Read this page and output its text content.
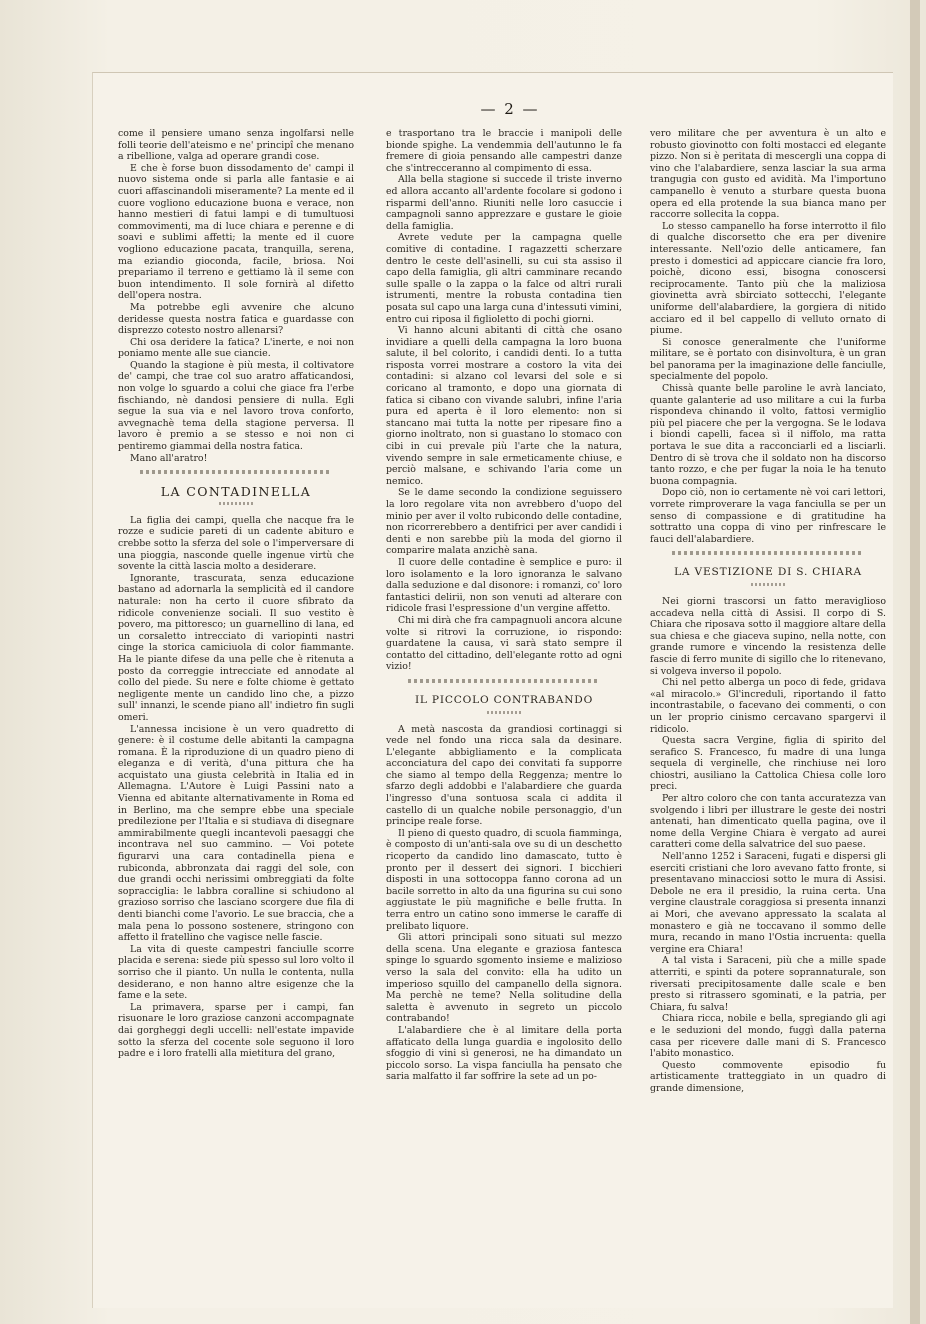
— 2 —

come il pensiere umano senza ingolfarsi nelle folli teorie dell'ateismo e ne' principî che menano a ribellione, valga ad operare grandi cose.

E che è forse buon dissodamento de' campi il nuovo sistema onde si parla alle fantasie e ai cuori affascinandoli miseramente? La mente ed il cuore vogliono educazione buona e verace, non hanno mestieri di fatui lampi e di tumultuosi commovimenti, ma di luce chiara e perenne e di soavi e sublimi affetti; la mente ed il cuore vogliono educazione pacata, tranquilla, serena, ma eziandio gioconda, facile, briosa. Noi prepariamo il terreno e gettiamo là il seme con buon intendimento. Il sole fornirà al difetto dell'opera nostra.

Ma potrebbe egli avvenire che alcuno deridesse questa nostra fatica e guardasse con disprezzo cotesto nostro allenarsi?

Chi osa deridere la fatica? L'inerte, e noi non poniamo mente alle sue ciancie.

Quando la stagione è più mesta, il coltivatore de' campi, che trae col suo aratro affaticandosi, non volge lo sguardo a colui che giace fra l'erbe fischiando, nè dandosi pensiere di nulla. Egli segue la sua via e nel lavoro trova conforto, avvegnachè tema della stagione perversa. Il lavoro è premio a se stesso e noi non ci pentiremo giammai della nostra fatica.

Mano all'aratro!

LA CONTADINELLA

La figlia dei campi, quella che nacque fra le rozze e sudicie pareti di un cadente abituro e crebbe sotto la sferza del sole o l'imperversare di una pioggia, nasconde quelle ingenue virtù che sovente la città lascia molto a desiderare.

Ignorante, trascurata, senza educazione bastano ad adornarla la semplicità ed il candore naturale: non ha certo il cuore sfibrato da ridicole convenienze sociali. Il suo vestito è povero, ma pittoresco; un guarnellino di lana, ed un corsaletto intrecciato di variopinti nastri cinge la storica camiciuola di color fiammante. Ha le piante difese da una pelle che è ritenuta a posto da correggie intrecciate ed annodate al collo del piede. Su nere e folte chiome è gettato negligente mente un candido lino che, a pizzo sull' innanzi, le scende piano all' indietro fin sugli omeri.

L'annessa incisione è un vero quadretto di genere: è il costume delle abitanti la campagna romana. È la riproduzione di un quadro pieno di eleganza e di verità, d'una pittura che ha acquistato una giusta celebrità in Italia ed in Allemagna. L'Autore è Luigi Passini nato a Vienna ed abitante alternativamente in Roma ed in Berlino, ma che sempre ebbe una speciale predilezione per l'Italia e si studiava di disegnare ammirabilmente quegli incantevoli paesaggi che incontrava nel suo cammino. — Voi potete figurarvi una cara contadinella piena e rubiconda, abbronzata dai raggi del sole, con due grandi occhi nerissimi ombreggiati da folte sopracciglia: le labbra coralline si schiudono al grazioso sorriso che lasciano scorgere due fila di denti bianchi come l'avorio. Le sue braccia, che a mala pena lo possono sostenere, stringono con affetto il fratellino che vagisce nelle fascie.

La vita di queste campestri fanciulle scorre placida e serena: siede più spesso sul loro volto il sorriso che il pianto. Un nulla le contenta, nulla desiderano, e non hanno altre esigenze che la fame e la sete.

La primavera, sparse per i campi, fan risuonare le loro graziose canzoni accompagnate dai gorgheggi degli uccelli: nell'estate impavide sotto la sferza del cocente sole seguono il loro padre e i loro fratelli alla mietitura del grano,

e trasportano tra le braccie i manipoli delle bionde spighe. La vendemmia dell'autunno le fa fremere di gioia pensando alle campestri danze che s'intrecceranno al compimento di essa.

Alla bella stagione si succede il triste inverno ed allora accanto all'ardente focolare si godono i risparmi dell'anno. Riuniti nelle loro casuccie i campagnoli sanno apprezzare e gustare le gioie della famiglia.

Avrete vedute per la campagna quelle comitive di contadine. I ragazzetti scherzare dentro le ceste dell'asinelli, su cui sta assiso il capo della famiglia, gli altri camminare recando sulle spalle o la zappa o la falce od altri rurali istrumenti, mentre la robusta contadina tien posata sul capo una larga cuna d'intessuti vimini, entro cui riposa il figlioletto di pochi giorni.

Vi hanno alcuni abitanti di città che osano invidiare a quelli della campagna la loro buona salute, il bel colorito, i candidi denti. Io a tutta risposta vorrei mostrare a costoro la vita dei contadini: si alzano col levarsi del sole e si coricano al tramonto, e dopo una giornata di fatica si cibano con vivande salubri, infine l'aria pura ed aperta è il loro elemento: non si stancano mai tutta la notte per ripesare fino a giorno inoltrato, non si guastano lo stomaco con cibi in cui prevale più l'arte che la natura, vivendo sempre in sale ermeticamente chiuse, e perciò malsane, e schivando l'aria come un nemico.

Se le dame secondo la condizione seguissero la loro regolare vita non avrebbero d'uopo del minio per aver il volto rubicondo delle contadine, non ricorrerebbero a dentifrici per aver candidi i denti e non sarebbe più la moda del giorno il comparire malata anzichè sana.

Il cuore delle contadine è semplice e puro: il loro isolamento e la loro ignoranza le salvano dalla seduzione e dal disonore: i romanzi, co' loro fantastici delirii, non son venuti ad alterare con ridicole frasi l'espressione d'un vergine affetto.

Chi mi dirà che fra campagnuoli ancora alcune volte si ritrovi la corruzione, io rispondo: guardatene la causa, vi sarà stato sempre il contatto del cittadino, dell'elegante rotto ad ogni vizio!

IL PICCOLO CONTRABANDO

A metà nascosta da grandiosi cortinaggi si vede nel fondo una ricca sala da desinare. L'elegante abbigliamento e la complicata acconciatura del capo dei convitati fa supporre che siamo al tempo della Reggenza; mentre lo sfarzo degli addobbi e l'alabardiere che guarda l'ingresso d'una sontuosa scala ci addita il castello di un qualche nobile personaggio, d'un principe reale forse.

Il pieno di questo quadro, di scuola fiamminga, è composto di un'anti-sala ove su di un deschetto ricoperto da candido lino damascato, tutto è pronto per il dessert dei signori. I bicchieri disposti in una sottocoppa fanno corona ad un bacile sorretto in alto da una figurina su cui sono aggiustate le più magnifiche e belle frutta. In terra entro un catino sono immerse le caraffe di prelibato liquore.

Gli attori principali sono situati sul mezzo della scena. Una elegante e graziosa fantesca spinge lo sguardo sgomento insieme e malizioso verso la sala del convito: ella ha udito un imperioso squillo del campanello della signora. Ma perchè ne teme? Nella solitudine della saletta è avvenuto in segreto un piccolo contrabando!

L'alabardiere che è al limitare della porta affaticato della lunga guardia e ingolosito dello sfoggio di vini sì generosi, ne ha dimandato un piccolo sorso. La vispa fanciulla ha pensato che saria malfatto il far soffrire la sete ad un po-

vero militare che per avventura è un alto e robusto giovinotto con folti mostacci ed elegante pizzo. Non si è peritata di mescergli una coppa di vino che l'alabardiere, senza lasciar la sua arma trangugia con gusto ed avidità. Ma l'importuno campanello è venuto a sturbare questa buona opera ed ella protende la sua bianca mano per raccorre sollecita la coppa.

Lo stesso campanello ha forse interrotto il filo di qualche discorsetto che era per divenire interessante. Nell'ozio delle anticamere, fan presto i domestici ad appiccare ciancie fra loro, poichè, dicono essi, bisogna conoscersi reciprocamente. Tanto più che la maliziosa giovinetta avrà sbirciato sottecchi, l'elegante uniforme dell'alabardiere, la gorgiera di nitido acciaro ed il bel cappello di velluto ornato di piume.

Si conosce generalmente che l'uniforme militare, se è portato con disinvoltura, è un gran bel panorama per la imaginazione delle fanciulle, specialmente del popolo.

Chissà quante belle paroline le avrà lanciato, quante galanterie ad uso militare a cui la furba rispondeva chinando il volto, fattosi vermiglio più pel piacere che per la vergogna. Se le lodava i biondi capelli, facea sì il niffolo, ma ratta portava le sue dita a racconciarli ed a lisciarli. Dentro di sè trova che il soldato non ha discorso tanto rozzo, e che per fugar la noia le ha tenuto buona compagnia.

Dopo ciò, non io certamente nè voi cari lettori, vorrete rimproverare la vaga fanciulla se per un senso di compassione e di gratitudine ha sottratto una coppa di vino per rinfrescare le fauci dell'alabardiere.

LA VESTIZIONE DI S. CHIARA

Nei giorni trascorsi un fatto meraviglioso accadeva nella città di Assisi. Il corpo di S. Chiara che riposava sotto il maggiore altare della sua chiesa e che giaceva supino, nella notte, con grande rumore e vincendo la resistenza delle fascie di ferro munite di sigillo che lo ritenevano, si volgeva inverso il popolo.

Chi nel petto alberga un poco di fede, gridava «al miracolo.» Gl'increduli, riportando il fatto incontrastabile, o facevano dei commenti, o con un ler proprio cinismo cercavano spargervi il ridicolo.

Questa sacra Vergine, figlia di spirito del serafico S. Francesco, fu madre di una lunga sequela di verginelle, che rinchiuse nei loro chiostri, ausiliano la Cattolica Chiesa colle loro preci.

Per altro coloro che con tanta accuratezza van svolgendo i libri per illustrare le geste dei nostri antenati, han dimenticato quella pagina, ove il nome della Vergine Chiara è vergato ad aurei caratteri come della salvatrice del suo paese.

Nell'anno 1252 i Saraceni, fugati e dispersi gli eserciti cristiani che loro avevano fatto fronte, si presentavano minacciosi sotto le mura di Assisi. Debole ne era il presidio, la ruina certa. Una vergine claustrale coraggiosa si presenta innanzi ai Mori, che avevano appressato la scalata al monastero e già ne toccavano il sommo delle mura, recando in mano l'Ostia incruenta: quella vergine era Chiara!

A tal vista i Saraceni, più che a mille spade atterriti, e spinti da potere soprannaturale, son riversati precipitosamente dalle scale e ben presto si ritrassero sgominati, e la patria, per Chiara, fu salva!

Chiara ricca, nobile e bella, spregiando gli agi e le seduzioni del mondo, fuggì dalla paterna casa per ricevere dalle mani di S. Francesco l'abito monastico.

Questo commovente episodio fu artisticamente tratteggiato in un quadro di grande dimensione,
